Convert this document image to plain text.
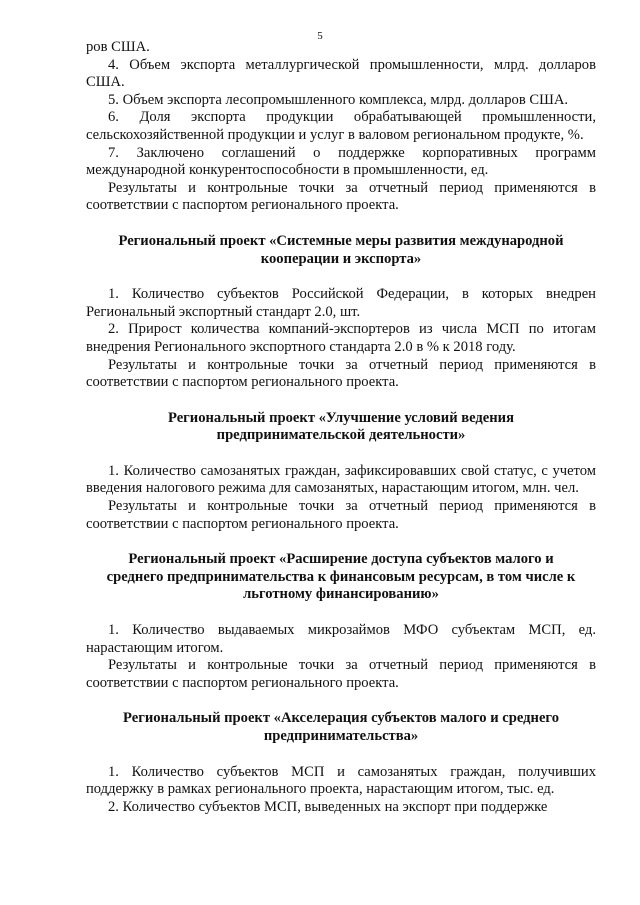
5

ров США.

4. Объем экспорта металлургической промышленности, млрд. долларов США.

5. Объем экспорта лесопромышленного комплекса, млрд. долларов США.

6. Доля экспорта продукции обрабатывающей промышленности, сельскохозяйственной продукции и услуг в валовом региональном продукте, %.

7. Заключено соглашений о поддержке корпоративных программ международной конкурентоспособности в промышленности, ед.

Результаты и контрольные точки за отчетный период применяются в соответствии с паспортом регионального проекта.

Региональный проект «Системные меры развития международной кооперации и экспорта»

1. Количество субъектов Российской Федерации, в которых внедрен Региональный экспортный стандарт 2.0, шт.

2. Прирост количества компаний-экспортеров из числа МСП по итогам внедрения Регионального экспортного стандарта 2.0 в % к 2018 году.

Результаты и контрольные точки за отчетный период применяются в соответствии с паспортом регионального проекта.

Региональный проект «Улучшение условий ведения предпринимательской деятельности»

1. Количество самозанятых граждан, зафиксировавших свой статус, с учетом введения налогового режима для самозанятых, нарастающим итогом, млн. чел.

Результаты и контрольные точки за отчетный период применяются в соответствии с паспортом регионального проекта.

Региональный проект «Расширение доступа субъектов малого и среднего предпринимательства к финансовым ресурсам, в том числе к льготному финансированию»

1. Количество выдаваемых микрозаймов МФО субъектам МСП, ед. нарастающим итогом.

Результаты и контрольные точки за отчетный период применяются в соответствии с паспортом регионального проекта.

Региональный проект «Акселерация субъектов малого и среднего предпринимательства»

1. Количество субъектов МСП и самозанятых граждан, получивших поддержку в рамках регионального проекта, нарастающим итогом, тыс. ед.

2. Количество субъектов МСП, выведенных на экспорт при поддержке
